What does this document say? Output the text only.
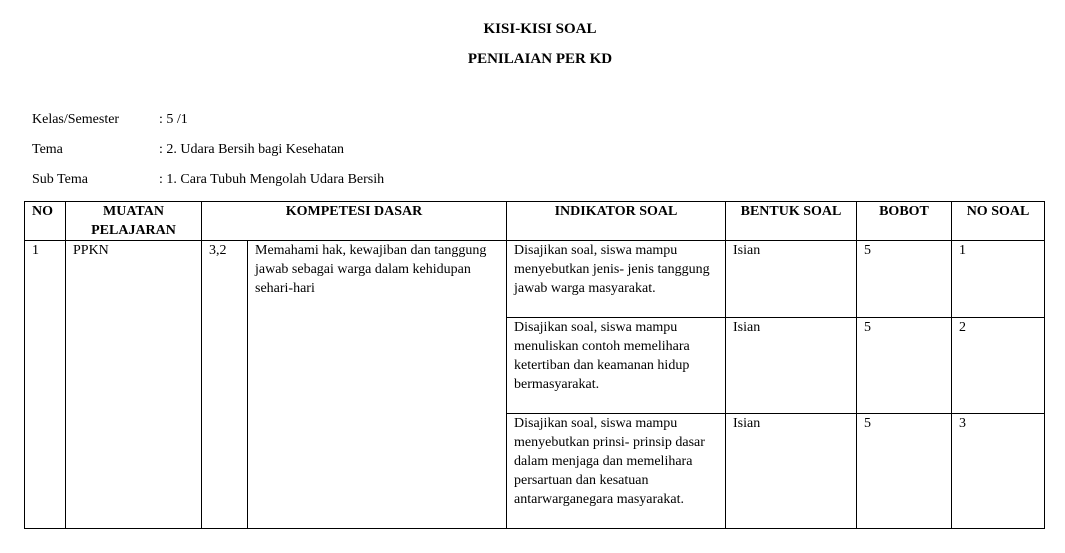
KISI-KISI SOAL
PENILAIAN PER KD
Kelas/Semester	: 5 /1
Tema	: 2. Udara Bersih bagi Kesehatan
Sub Tema	: 1. Cara Tubuh Mengolah Udara Bersih
NO	MUATAN PELAJARAN	KOMPETESI DASAR		INDIKATOR SOAL	BENTUK SOAL	BOBOT	NO SOAL
1	PPKN	3,2	Memahami hak, kewajiban dan tanggung jawab sebagai warga dalam kehidupan sehari-hari	Disajikan soal, siswa mampu menyebutkan jenis- jenis tanggung jawab warga masyarakat.	Isian	5	1
				Disajikan soal, siswa mampu menuliskan contoh memelihara ketertiban dan keamanan hidup bermasyarakat.	Isian	5	2
				Disajikan soal, siswa mampu menyebutkan prinsi- prinsip dasar dalam menjaga dan memelihara persartuan dan kesatuan antarwarganegara masyarakat.	Isian	5	3
